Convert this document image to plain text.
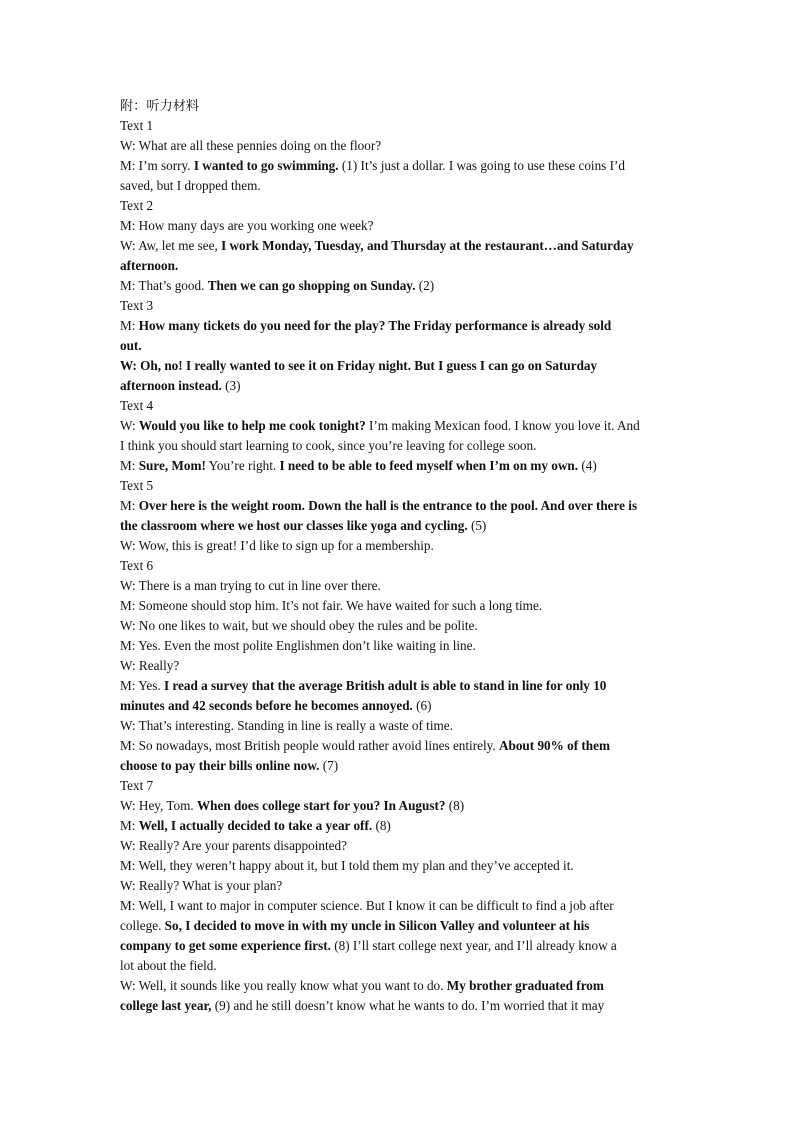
附：听力材料
Text 1
W: What are all these pennies doing on the floor?
M: I’m sorry. I wanted to go swimming. (1) It’s just a dollar. I was going to use these coins I’d
saved, but I dropped them.
Text 2
M: How many days are you working one week?
W: Aw, let me see, I work Monday, Tuesday, and Thursday at the restaurant…and Saturday
afternoon.
M: That’s good. Then we can go shopping on Sunday. (2)
Text 3
M: How many tickets do you need for the play? The Friday performance is already sold
out.
W: Oh, no! I really wanted to see it on Friday night. But I guess I can go on Saturday
afternoon instead. (3)
Text 4
W: Would you like to help me cook tonight? I’m making Mexican food. I know you love it. And
I think you should start learning to cook, since you’re leaving for college soon.
M: Sure, Mom! You’re right. I need to be able to feed myself when I’m on my own. (4)
Text 5
M: Over here is the weight room. Down the hall is the entrance to the pool. And over there is
the classroom where we host our classes like yoga and cycling. (5)
W: Wow, this is great! I’d like to sign up for a membership.
Text 6
W: There is a man trying to cut in line over there.
M: Someone should stop him. It’s not fair. We have waited for such a long time.
W: No one likes to wait, but we should obey the rules and be polite.
M: Yes. Even the most polite Englishmen don’t like waiting in line.
W: Really?
M: Yes. I read a survey that the average British adult is able to stand in line for only 10
minutes and 42 seconds before he becomes annoyed. (6)
W: That’s interesting. Standing in line is really a waste of time.
M: So nowadays, most British people would rather avoid lines entirely. About 90% of them
choose to pay their bills online now. (7)
Text 7
W: Hey, Tom. When does college start for you? In August? (8)
M: Well, I actually decided to take a year off. (8)
W: Really? Are your parents disappointed?
M: Well, they weren’t happy about it, but I told them my plan and they’ve accepted it.
W: Really? What is your plan?
M: Well, I want to major in computer science. But I know it can be difficult to find a job after
college. So, I decided to move in with my uncle in Silicon Valley and volunteer at his
company to get some experience first. (8) I’ll start college next year, and I’ll already know a
lot about the field.
W: Well, it sounds like you really know what you want to do. My brother graduated from
college last year, (9) and he still doesn’t know what he wants to do. I’m worried that it may
